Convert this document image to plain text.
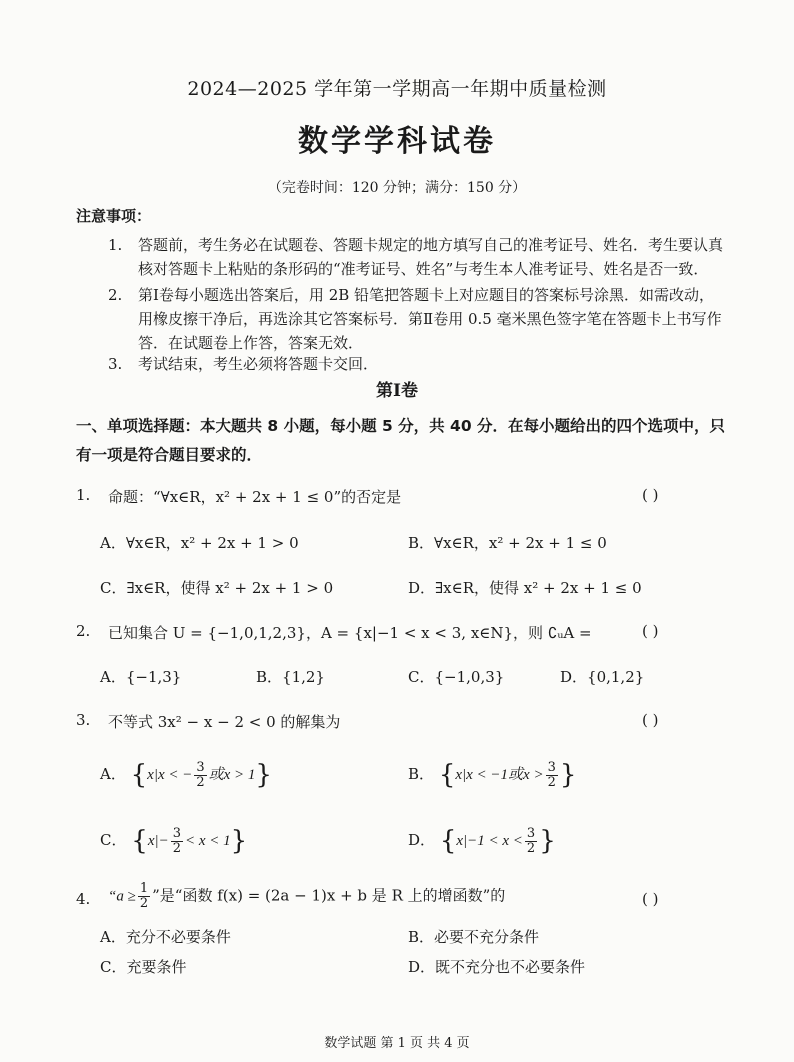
2024—2025 学年第一学期高一年期中质量检测
数学学科试卷
（完卷时间：120 分钟；满分：150 分）
注意事项：
1. 答题前，考生务必在试题卷、答题卡规定的地方填写自己的准考证号、姓名．考生要认真核对答题卡上粘贴的条形码的“准考证号、姓名”与考生本人准考证号、姓名是否一致．
2. 第Ⅰ卷每小题选出答案后，用 2B 铅笔把答题卡上对应题目的答案标号涂黑．如需改动，用橡皮擦干净后，再选涂其它答案标号．第Ⅱ卷用 0.5 毫米黑色签字笔在答题卡上书写作答．在试题卷上作答，答案无效．
3. 考试结束，考生必须将答题卡交回．
第Ⅰ卷
一、单项选择题：本大题共 8 小题，每小题 5 分，共 40 分．在每小题给出的四个选项中，只有一项是符合题目要求的．
1. 命题：“∀x∈R，x² + 2x + 1 ≤ 0”的否定是	( )
A．∀x∈R，x² + 2x + 1 > 0	B．∀x∈R，x² + 2x + 1 ≤ 0
C．∃x∈R，使得 x² + 2x + 1 > 0	D．∃x∈R，使得 x² + 2x + 1 ≤ 0
2. 已知集合 U = {−1,0,1,2,3}，A = {x|−1 < x < 3, x∈N}，则 ∁ᵤA =	( )
A．{−1,3}	B．{1,2}	C．{−1,0,3}	D．{0,1,2}
3. 不等式 3x² − x − 2 < 0 的解集为	( )
A． {x|x < − $\frac{3}{2}$ 或x > 1}	B． {x|x < −1或$x > \frac{3}{2}$ }
C． $\{x|- \frac{3}{2} < x < 1\}$	D． {$x|-1 < x < \frac{3}{2}$ }
4. “$a \ge \frac{1}{2}$ ”是“函数 f(x) = (2a − 1)x + b 是 R 上的增函数”的	( )
A．充分不必要条件	B．必要不充分条件
C．充要条件	D．既不充分也不必要条件
数学试题 第 1 页 共 4 页
